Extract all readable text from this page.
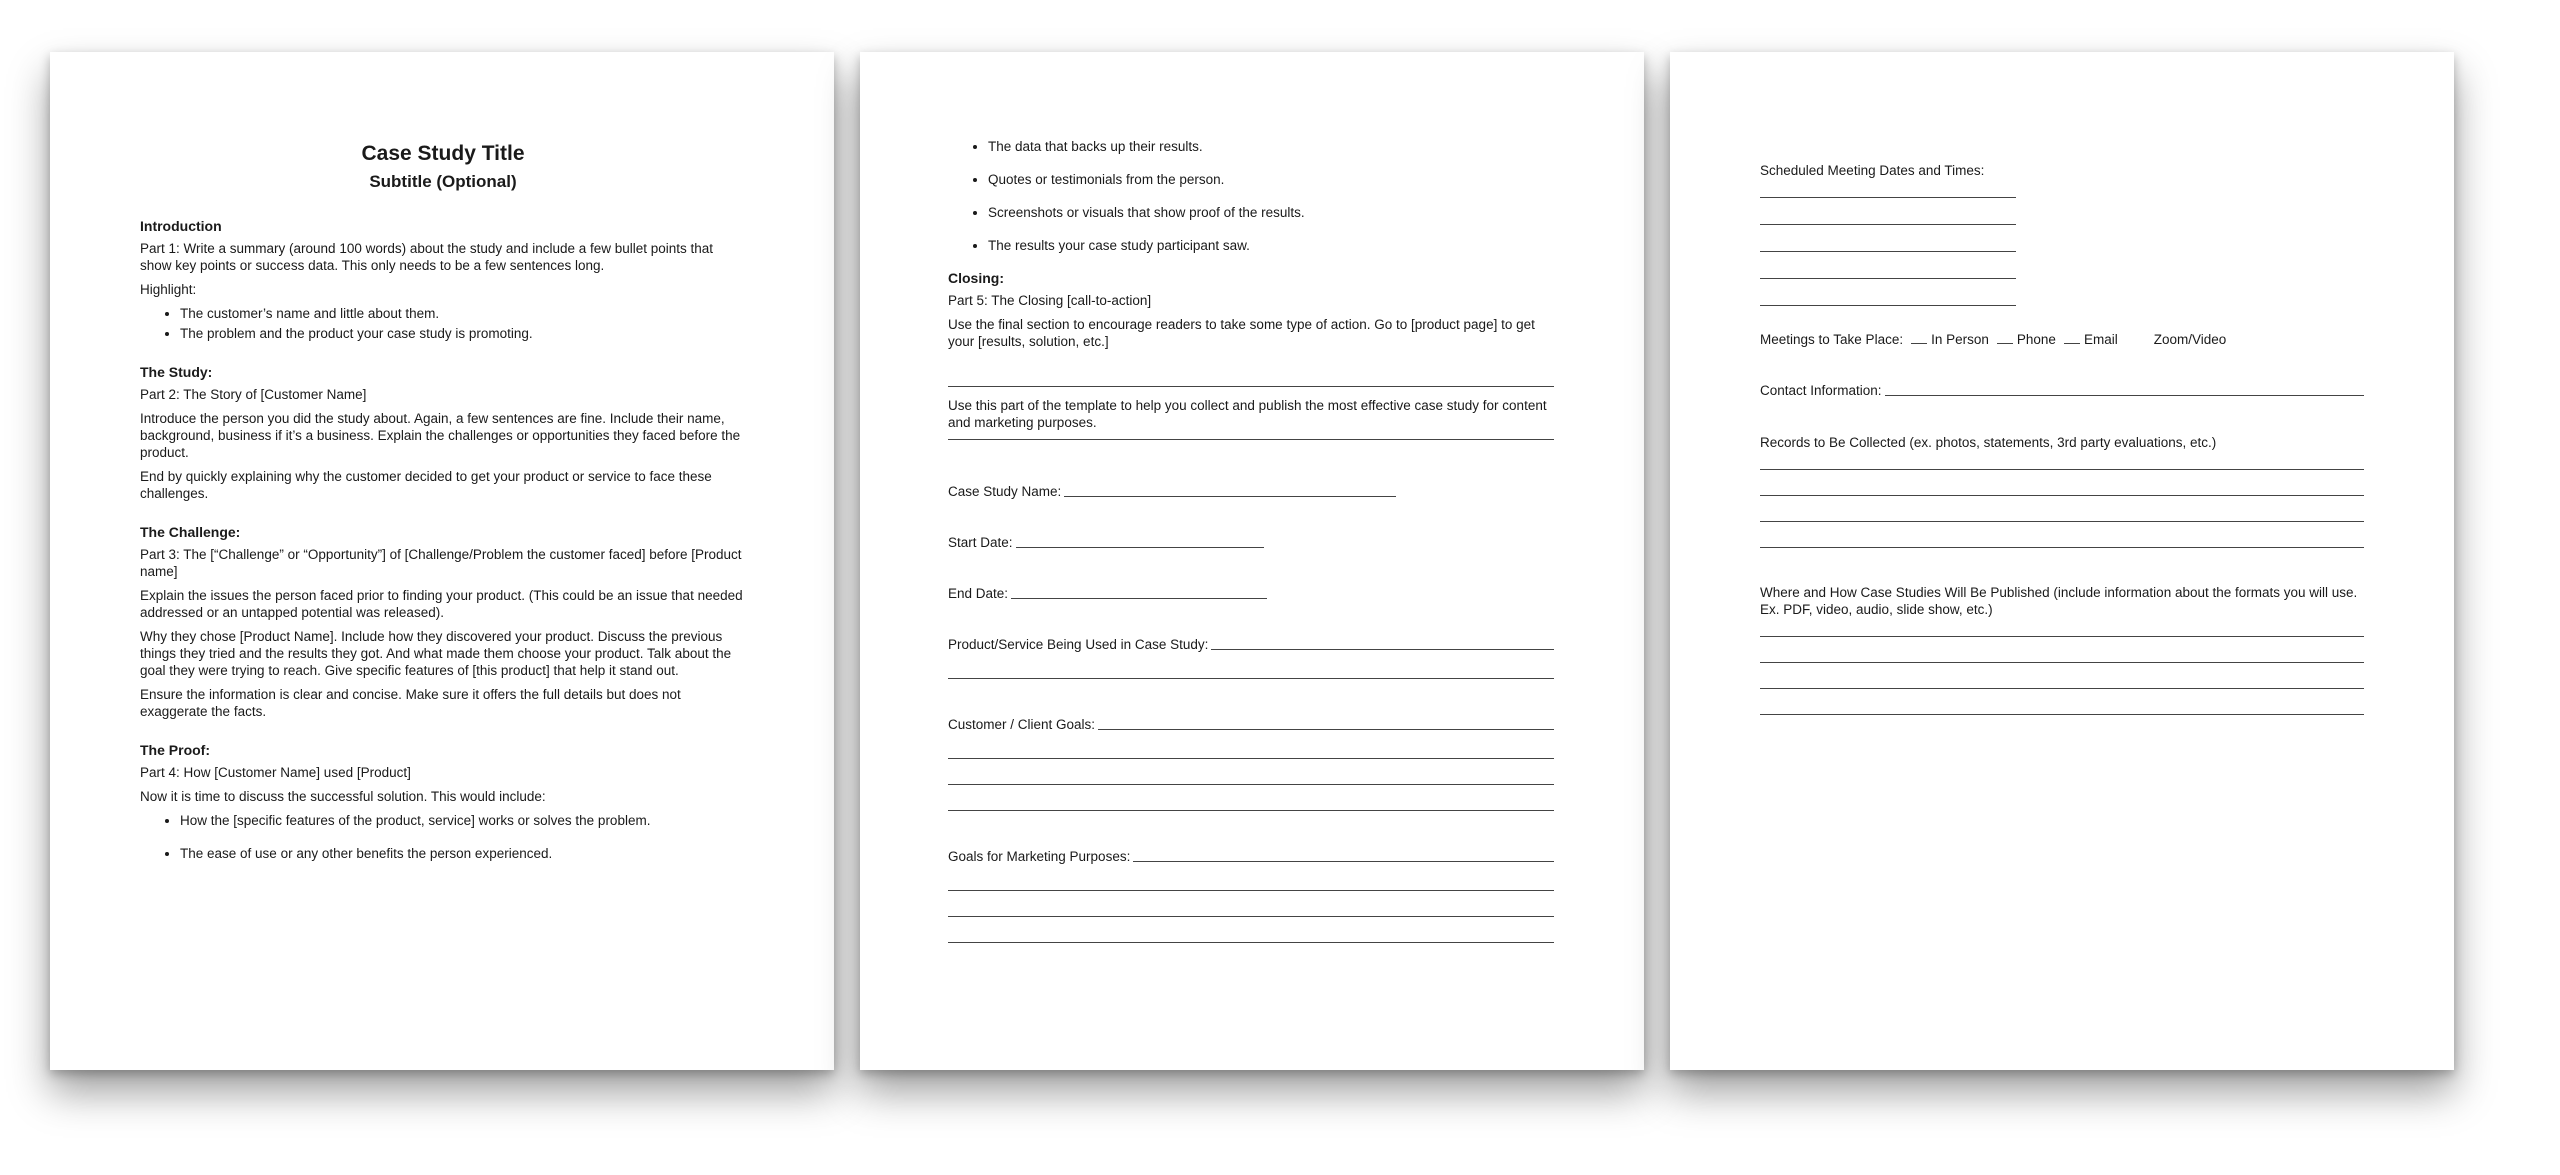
Case Study Title
Subtitle (Optional)
Introduction

Part 1: Write a summary (around 100 words) about the study and include a few bullet points that show key points or success data. This only needs to be a few sentences long.

Highlight:

• The customer’s name and little about them.
• The problem and the product your case study is promoting.
The Study:

Part 2: The Story of [Customer Name]

Introduce the person you did the study about. Again, a few sentences are fine. Include their name, background, business if it’s a business. Explain the challenges or opportunities they faced before the product.

End by quickly explaining why the customer decided to get your product or service to face these challenges.

The Challenge:

Part 3: The [“Challenge” or “Opportunity”] of [Challenge/Problem the customer faced] before [Product name]

Explain the issues the person faced prior to finding your product. (This could be an issue that needed addressed or an untapped potential was released).

Why they chose [Product Name]. Include how they discovered your product. Discuss the previous things they tried and the results they got. And what made them choose your product. Talk about the goal they were trying to reach. Give specific features of [this product] that help it stand out.

Ensure the information is clear and concise. Make sure it offers the full details but does not exaggerate the facts.

The Proof:

Part 4: How [Customer Name] used [Product]

Now it is time to discuss the successful solution. This would include:

• How the [specific features of the product, service] works or solves the problem.
• The ease of use or any other benefits the person experienced.
• The data that backs up their results.
• Quotes or testimonials from the person.
• Screenshots or visuals that show proof of the results.
• The results your case study participant saw.
Closing:

Part 5: The Closing [call-to-action]

Use the final section to encourage readers to take some type of action. Go to [product page] to get your [results, solution, etc.]

Use this part of the template to help you collect and publish the most effective case study for content and marketing purposes.

Case Study Name:
Start Date:
End Date:
Product/Service Being Used in Case Study:
Customer / Client Goals:
Goals for Marketing Purposes:

Scheduled Meeting Dates and Times:

Meetings to Take Place:	In Person	Phone	Email	Zoom/Video
Contact Information:

Records to Be Collected (ex. photos, statements, 3rd party evaluations, etc.)

Where and How Case Studies Will Be Published (include information about the formats you will use. Ex. PDF, video, audio, slide show, etc.)
